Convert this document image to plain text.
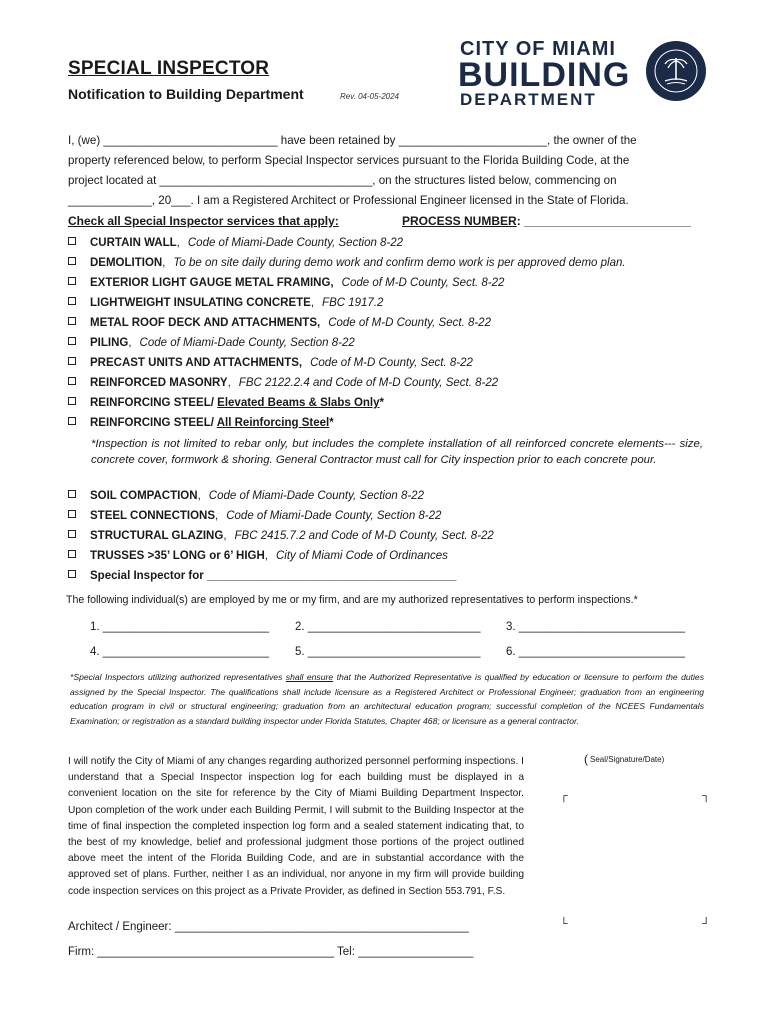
SPECIAL INSPECTOR
Notification to Building Department	Rev. 04-05-2024
CITY OF MIAMI
BUILDING
DEPARTMENT
I, (we) ___________________________ have been retained by _______________________, the owner of the
property referenced below, to perform Special Inspector services pursuant to the Florida Building Code, at the
project located at _________________________________, on the structures listed below, commencing on
_____________, 20___. I am a Registered Architect or Professional Engineer licensed in the State of Florida.
Check all Special Inspector services that apply:	PROCESS NUMBER: _________________________
CURTAIN WALL, Code of Miami-Dade County, Section 8-22
DEMOLITION, To be on site daily during demo work and confirm demo work is per approved demo plan.
EXTERIOR LIGHT GAUGE METAL FRAMING, Code of M-D County, Sect. 8-22
LIGHTWEIGHT INSULATING CONCRETE, FBC 1917.2
METAL ROOF DECK AND ATTACHMENTS, Code of M-D County, Sect. 8-22
PILING, Code of Miami-Dade County, Section 8-22
PRECAST UNITS AND ATTACHMENTS, Code of M-D County, Sect. 8-22
REINFORCED MASONRY, FBC 2122.2.4 and Code of M-D County, Sect. 8-22
REINFORCING STEEL/ Elevated Beams & Slabs Only*
REINFORCING STEEL/ All Reinforcing Steel*
*Inspection is not limited to rebar only, but includes the complete installation of all reinforced concrete elements--- size, concrete cover, formwork & shoring. General Contractor must call for City inspection prior to each concrete pour.
SOIL COMPACTION, Code of Miami-Dade County, Section 8-22
STEEL CONNECTIONS, Code of Miami-Dade County, Section 8-22
STRUCTURAL GLAZING, FBC 2415.7.2 and Code of M-D County, Sect. 8-22
TRUSSES >35’ LONG or 6’ HIGH, City of Miami Code of Ordinances
Special Inspector for _______________________________________
The following individual(s) are employed by me or my firm, and are my authorized representatives to perform inspections.*
1. __________________________ 2. ___________________________ 3. __________________________
4. __________________________ 5. ___________________________ 6. __________________________
*Special Inspectors utilizing authorized representatives shall ensure that the Authorized Representative is qualified by education or licensure to perform the duties assigned by the Special Inspector. The qualifications shall include licensure as a Registered Architect or Professional Engineer; graduation from an engineering education program in civil or structural engineering; graduation from an architectural education program; successful completion of the NCEES Fundamentals Examination; or registration as a standard building inspector under Florida Statutes, Chapter 468; or licensure as a general contractor.
I will notify the City of Miami of any changes regarding authorized personnel performing inspections. I understand that a Special Inspector inspection log for each building must be displayed in a convenient location on the site for reference by the City of Miami Building Department Inspector. Upon completion of the work under each Building Permit, I will submit to the Building Inspector at the time of final inspection the completed inspection log form and a sealed statement indicating that, to the best of my knowledge, belief and professional judgment those portions of the project outlined above meet the intent of the Florida Building Code, and are in substantial accordance with the approved set of plans. Further, neither I as an individual, nor anyone in my firm will provide building code inspection services on this project as a Private Provider, as defined in Section 553.791, F.S.
( Seal/Signature/Date)
┌	┐
└	┘
Architect / Engineer: ______________________________________________
Firm: _____________________________________ Tel: __________________
